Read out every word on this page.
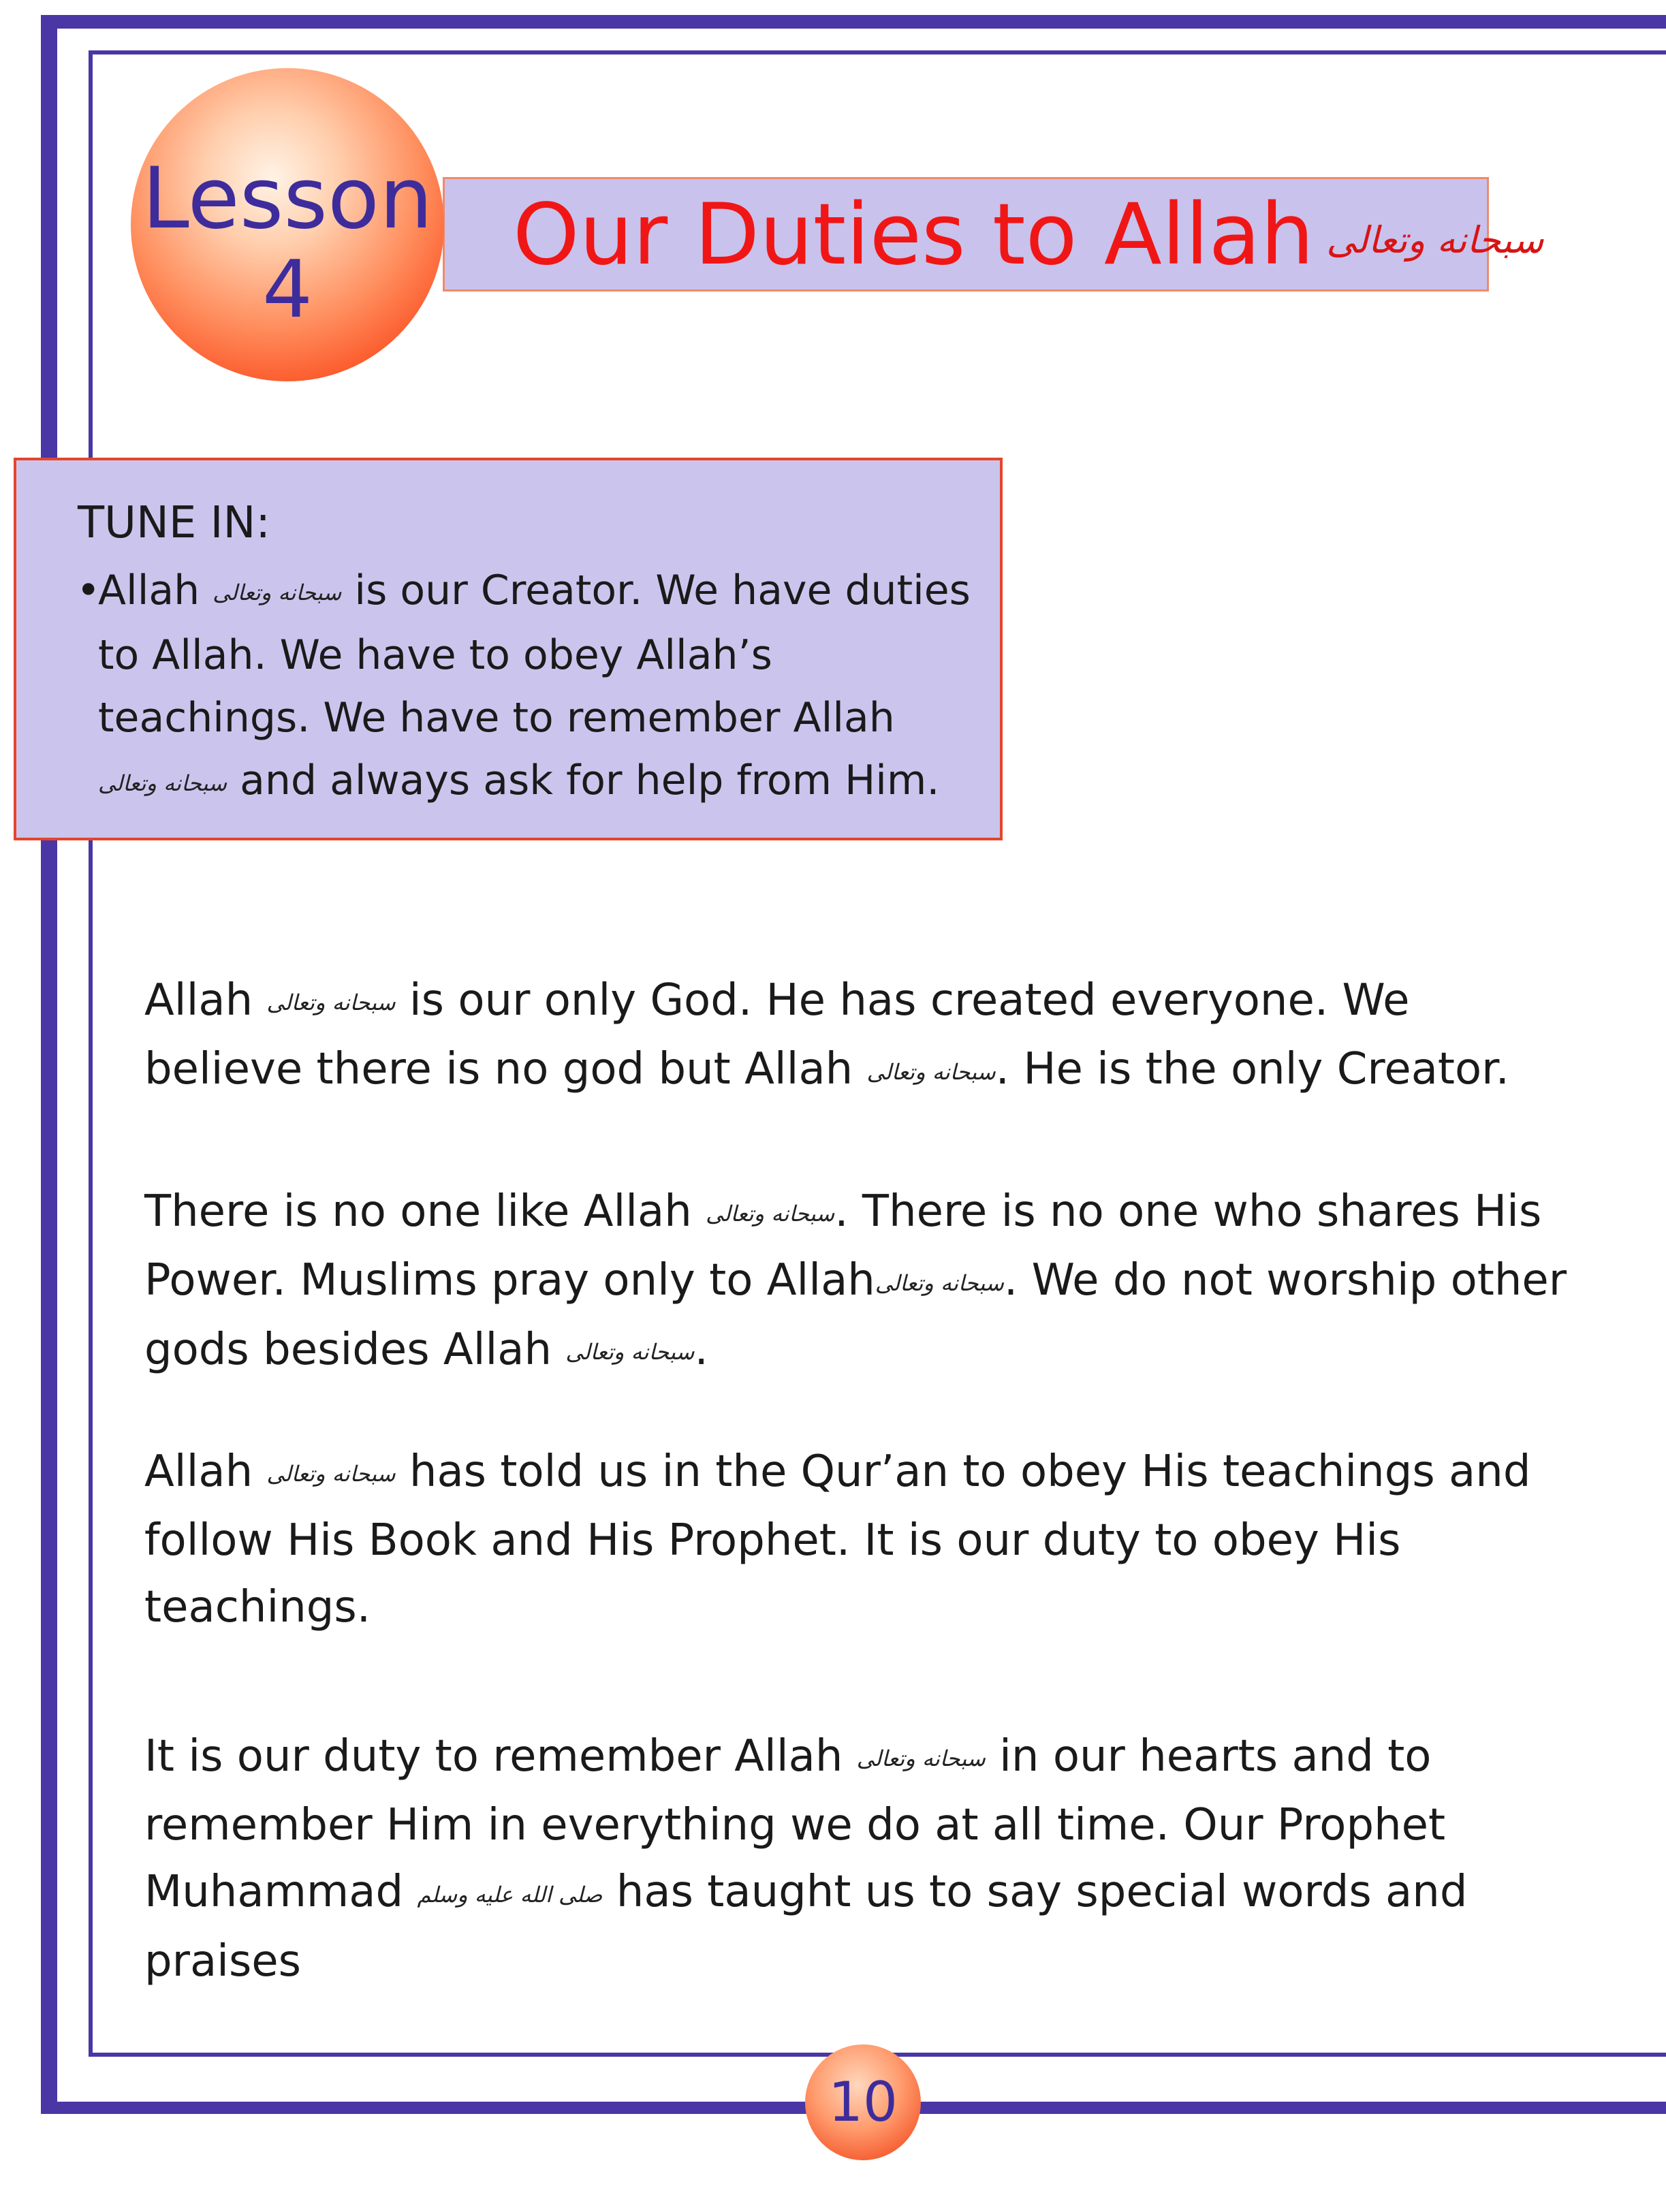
Our Duties to Allah سبحانه وتعالى
Lesson
4
TUNE IN:
•
Allah سبحانه وتعالى is our Creator. We have duties to Allah. We have to obey Allah’s teachings. We have to remember Allah سبحانه وتعالى and always ask for help from Him.
Allah سبحانه وتعالى is our only God. He has created everyone. We believe there is no god but Allah سبحانه وتعالى. He is the only Creator.
There is no one like Allah سبحانه وتعالى. There is no one who shares His Power. Muslims pray only to Allahسبحانه وتعالى. We do not worship other gods besides Allah سبحانه وتعالى.
Allah سبحانه وتعالى has told us in the Qur’an to obey His teachings and follow His Book and His Prophet. It is our duty to obey His teachings.
It is our duty to remember Allah سبحانه وتعالى in our hearts and to remember Him in everything we do at all time. Our Prophet Muhammad صلى الله عليه وسلم has taught us to say special words and praises
10
